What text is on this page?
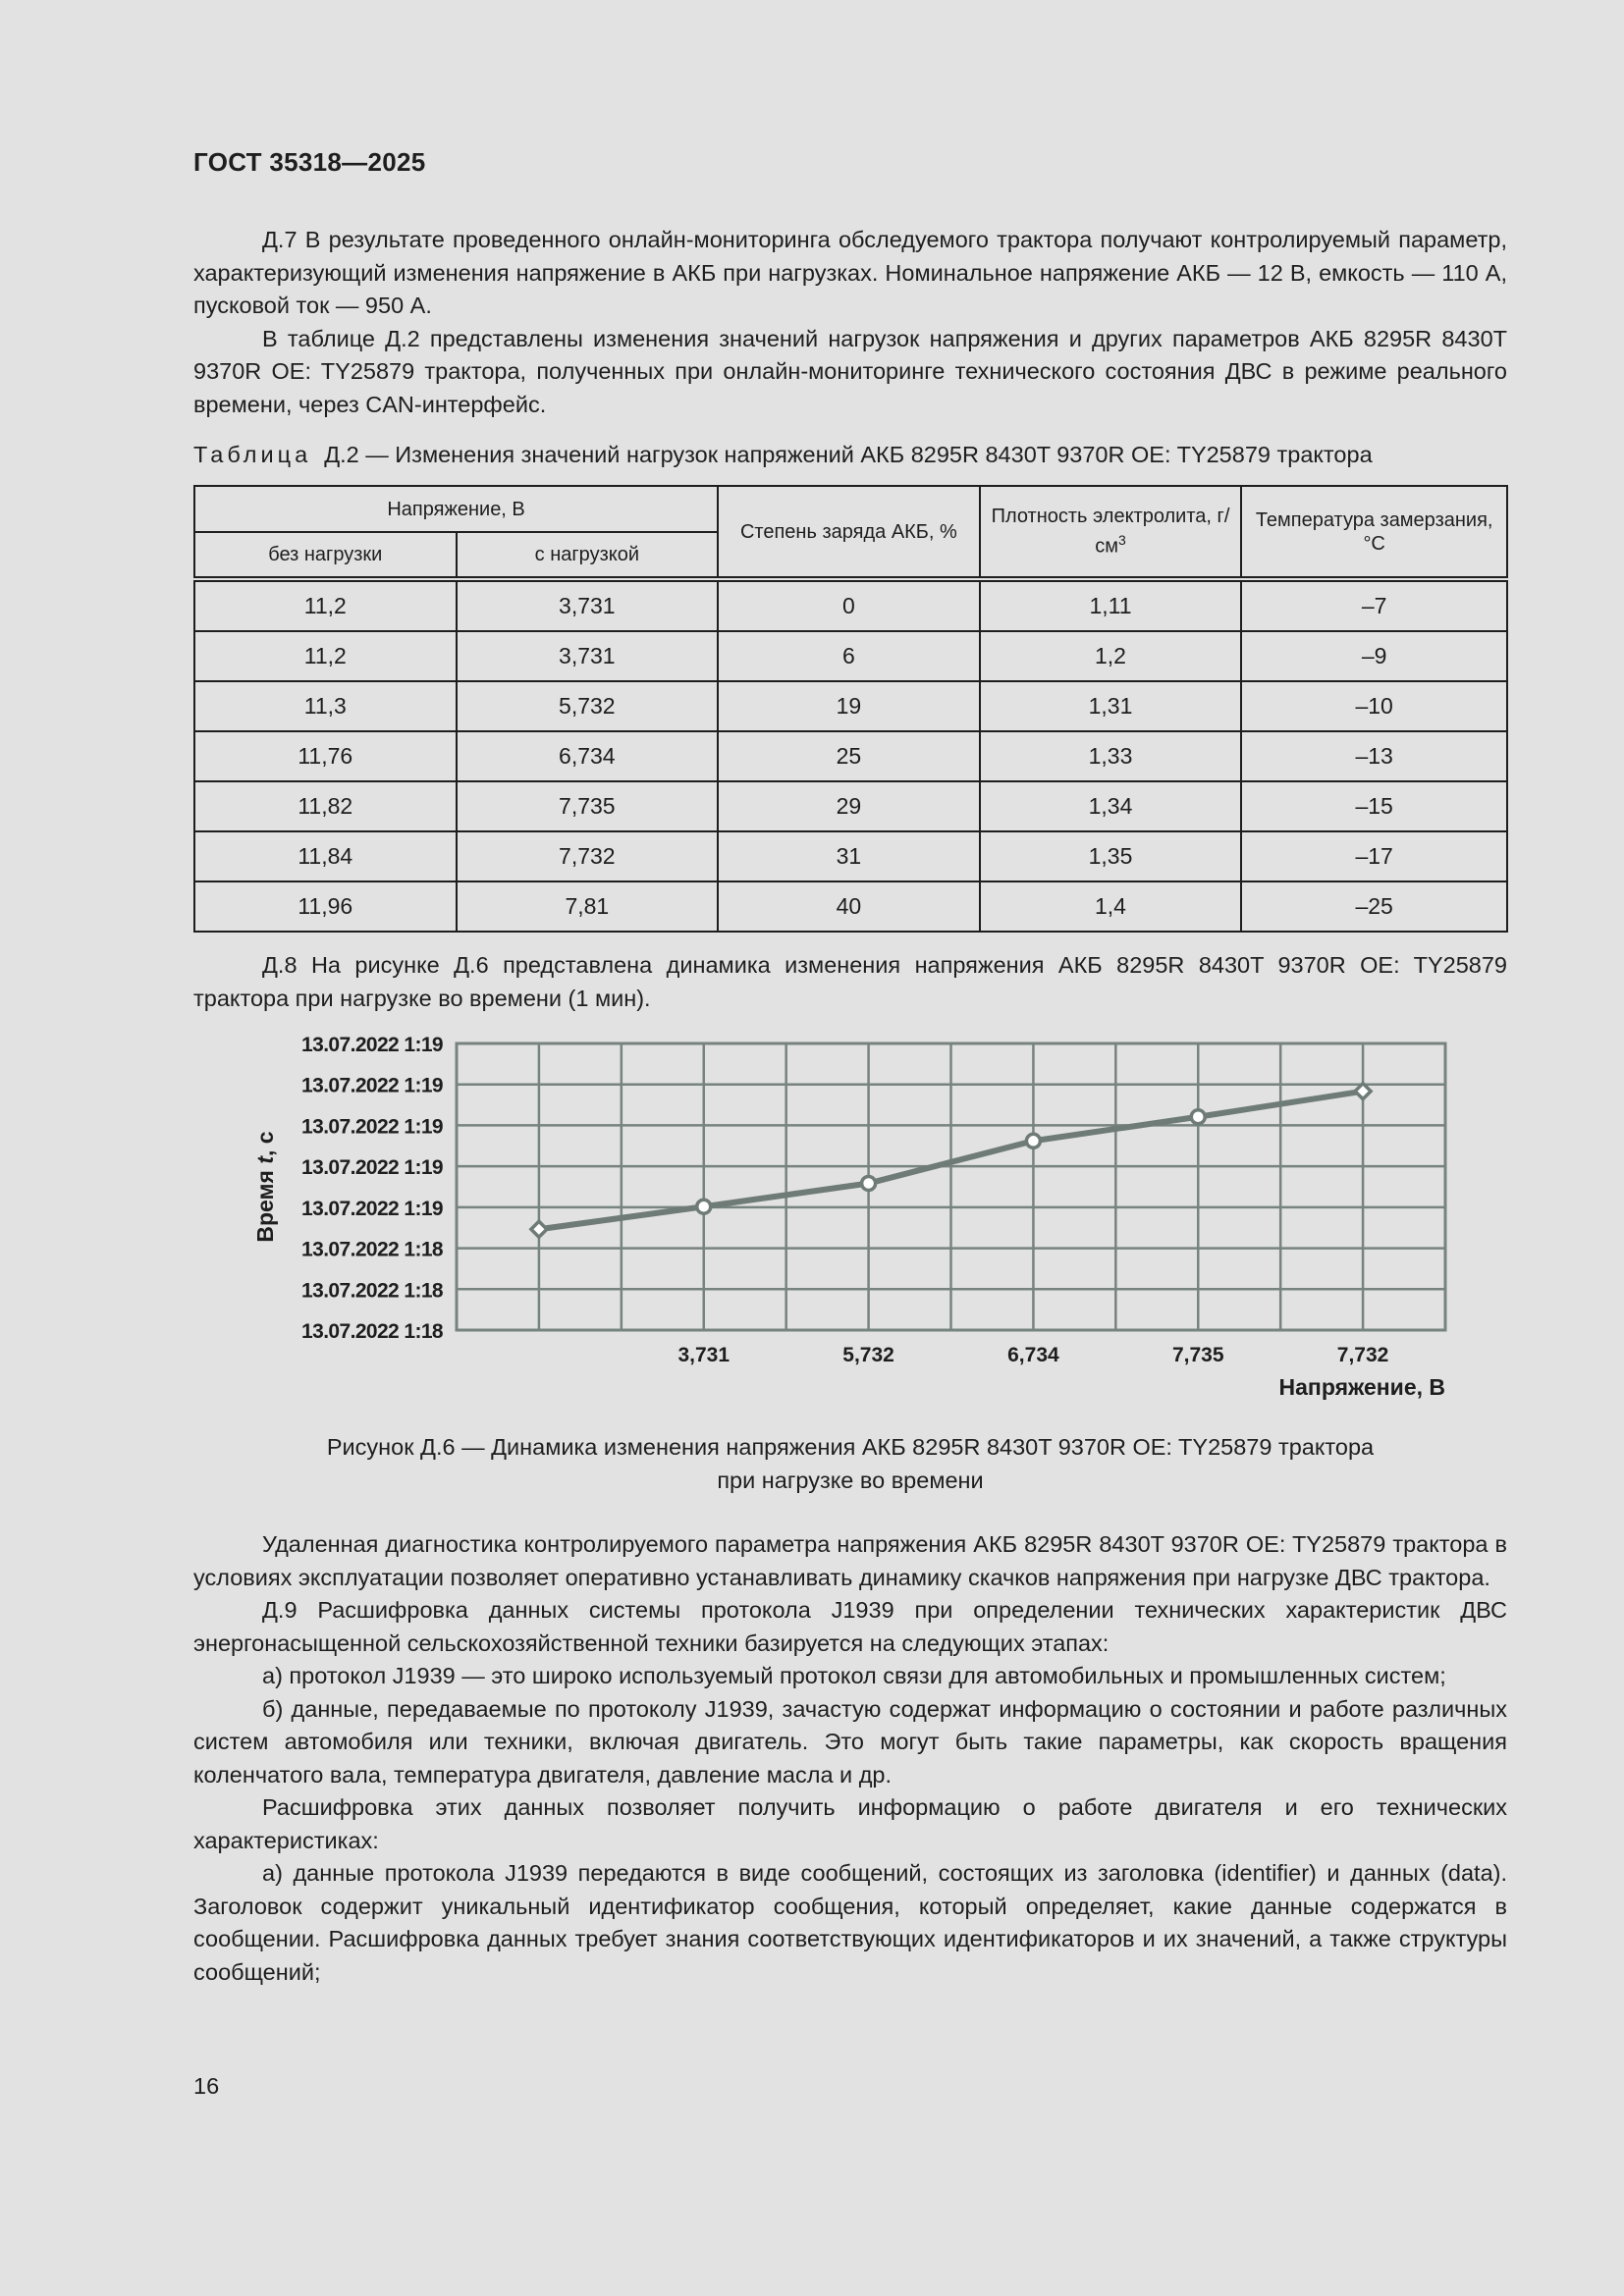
ГОСТ 35318—2025

Д.7 В результате проведенного онлайн-мониторинга обследуемого трактора получают контролируемый параметр, характеризующий изменения напряжение в АКБ при нагрузках. Номинальное напряжение АКБ — 12 В, емкость — 110 А, пусковой ток — 950 А.

В таблице Д.2 представлены изменения значений нагрузок напряжения и других параметров АКБ 8295R 8430T 9370R OE: TY25879 трактора, полученных при онлайн-мониторинге технического состояния ДВС в режиме реального времени, через CAN-интерфейс.

Таблица Д.2 — Изменения значений нагрузок напряжений АКБ 8295R 8430T 9370R OE: TY25879 трактора
Напряжение, В		Степень заряда АКБ, %	Плотность электролита, $г/см^3$	Температура замерзания, °С
без нагрузки	с нагрузкой			
11,2	3,731	0	1,11	–7
11,2	3,731	6	1,2	–9
11,3	5,732	19	1,31	–10
11,76	6,734	25	1,33	–13
11,82	7,735	29	1,34	–15
11,84	7,732	31	1,35	–17
11,96	7,81	40	1,4	–25

Д.8 На рисунке Д.6 представлена динамика изменения напряжения АКБ 8295R 8430T 9370R OE: TY25879 трактора при нагрузке во времени (1 мин).

13.07.2022 1:19
13.07.2022 1:19
13.07.2022 1:19
13.07.2022 1:19
13.07.2022 1:19
13.07.2022 1:18
13.07.2022 1:18
13.07.2022 1:18
Время t, с
3,731	5,732	6,734	7,735	7,732
Напряжение, В
Рисунок Д.6 — Динамика изменения напряжения АКБ 8295R 8430T 9370R OE: TY25879 трактора
при нагрузке во времени

Удаленная диагностика контролируемого параметра напряжения АКБ 8295R 8430T 9370R OE: TY25879 трактора в условиях эксплуатации позволяет оперативно устанавливать динамику скачков напряжения при нагрузке ДВС трактора.

Д.9 Расшифровка данных системы протокола J1939 при определении технических характеристик ДВС энергонасыщенной сельскохозяйственной техники базируется на следующих этапах:

а) протокол J1939 — это широко используемый протокол связи для автомобильных и промышленных систем;

б) данные, передаваемые по протоколу J1939, зачастую содержат информацию о состоянии и работе различных систем автомобиля или техники, включая двигатель. Это могут быть такие параметры, как скорость вращения коленчатого вала, температура двигателя, давление масла и др.

Расшифровка этих данных позволяет получить информацию о работе двигателя и его технических характеристиках:

а) данные протокола J1939 передаются в виде сообщений, состоящих из заголовка (identifier) и данных (data). Заголовок содержит уникальный идентификатор сообщения, который определяет, какие данные содержатся в сообщении. Расшифровка данных требует знания соответствующих идентификаторов и их значений, а также структуры сообщений;

16
